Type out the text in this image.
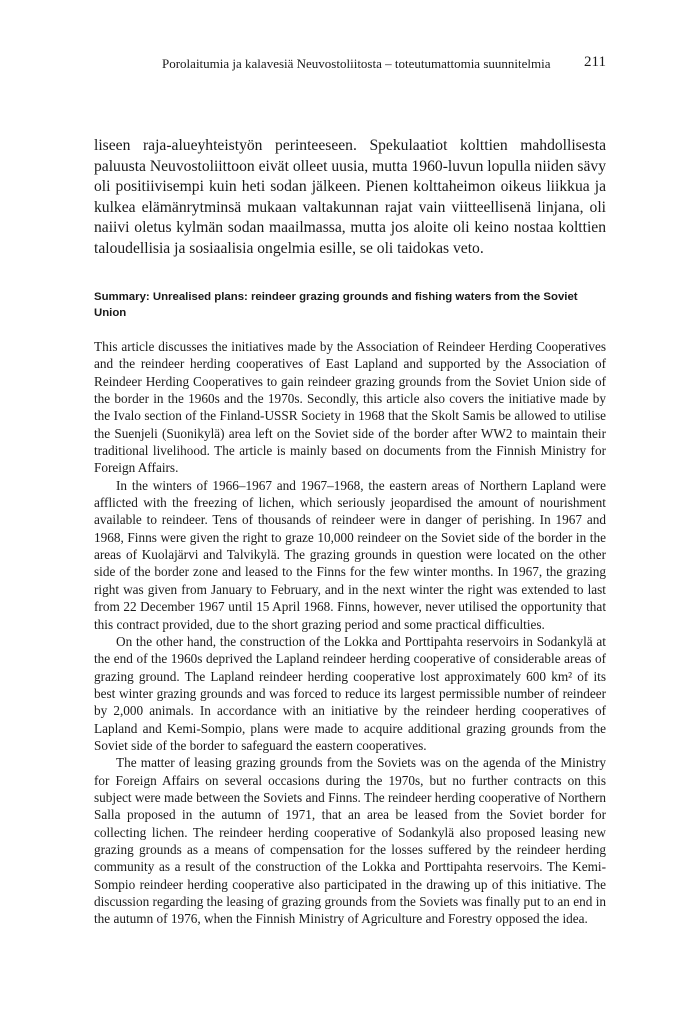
Porolaitumia ja kalavesiä Neuvostoliitosta – toteutumattomia suunnitelmia 211

liseen raja-alueyhteistyön perinteeseen. Spekulaatiot kolttien mahdollisesta paluusta Neuvostoliittoon eivät olleet uusia, mutta 1960-luvun lopulla niiden sävy oli positiivisempi kuin heti sodan jälkeen. Pienen kolttaheimon oikeus liikkua ja kulkea elämänrytminsä mukaan valtakunnan rajat vain viitteellisenä linjana, oli naiivi oletus kylmän sodan maailmassa, mutta jos aloite oli keino nostaa kolttien taloudellisia ja sosiaalisia ongelmia esille, se oli taidokas veto.

Summary: Unrealised plans: reindeer grazing grounds and fishing waters from the Soviet Union

This article discusses the initiatives made by the Association of Reindeer Herding Cooperatives and the reindeer herding cooperatives of East Lapland and supported by the Association of Reindeer Herding Cooperatives to gain reindeer grazing grounds from the Soviet Union side of the border in the 1960s and the 1970s. Secondly, this article also covers the initiative made by the Ivalo section of the Finland-USSR Society in 1968 that the Skolt Samis be allowed to utilise the Suenjeli (Suonikylä) area left on the Soviet side of the border after WW2 to maintain their traditional livelihood. The article is mainly based on documents from the Finnish Ministry for Foreign Affairs.

In the winters of 1966–1967 and 1967–1968, the eastern areas of Northern Lapland were afflicted with the freezing of lichen, which seriously jeopardised the amount of nourishment available to reindeer. Tens of thousands of reindeer were in danger of perishing. In 1967 and 1968, Finns were given the right to graze 10,000 reindeer on the Soviet side of the border in the areas of Kuolajärvi and Talvikylä. The grazing grounds in question were located on the other side of the border zone and leased to the Finns for the few winter months. In 1967, the grazing right was given from January to February, and in the next winter the right was extended to last from 22 December 1967 until 15 April 1968. Finns, however, never utilised the opportunity that this contract provided, due to the short grazing period and some practical difficulties.

On the other hand, the construction of the Lokka and Porttipahta reservoirs in Sodankylä at the end of the 1960s deprived the Lapland reindeer herding cooperative of considerable areas of grazing ground. The Lapland reindeer herding cooperative lost approximately 600 km² of its best winter grazing grounds and was forced to reduce its largest permissible number of reindeer by 2,000 animals. In accordance with an initiative by the reindeer herding cooperatives of Lapland and Kemi-Sompio, plans were made to acquire additional grazing grounds from the Soviet side of the border to safeguard the eastern cooperatives.

The matter of leasing grazing grounds from the Soviets was on the agenda of the Ministry for Foreign Affairs on several occasions during the 1970s, but no further contracts on this subject were made between the Soviets and Finns. The reindeer herding cooperative of Northern Salla proposed in the autumn of 1971, that an area be leased from the Soviet border for collecting lichen. The reindeer herding cooperative of Sodankylä also proposed leasing new grazing grounds as a means of compensation for the losses suffered by the reindeer herding community as a result of the construction of the Lokka and Porttipahta reservoirs. The Kemi-Sompio reindeer herding cooperative also participated in the drawing up of this initiative. The discussion regarding the leasing of grazing grounds from the Soviets was finally put to an end in the autumn of 1976, when the Finnish Ministry of Agriculture and Forestry opposed the idea.
